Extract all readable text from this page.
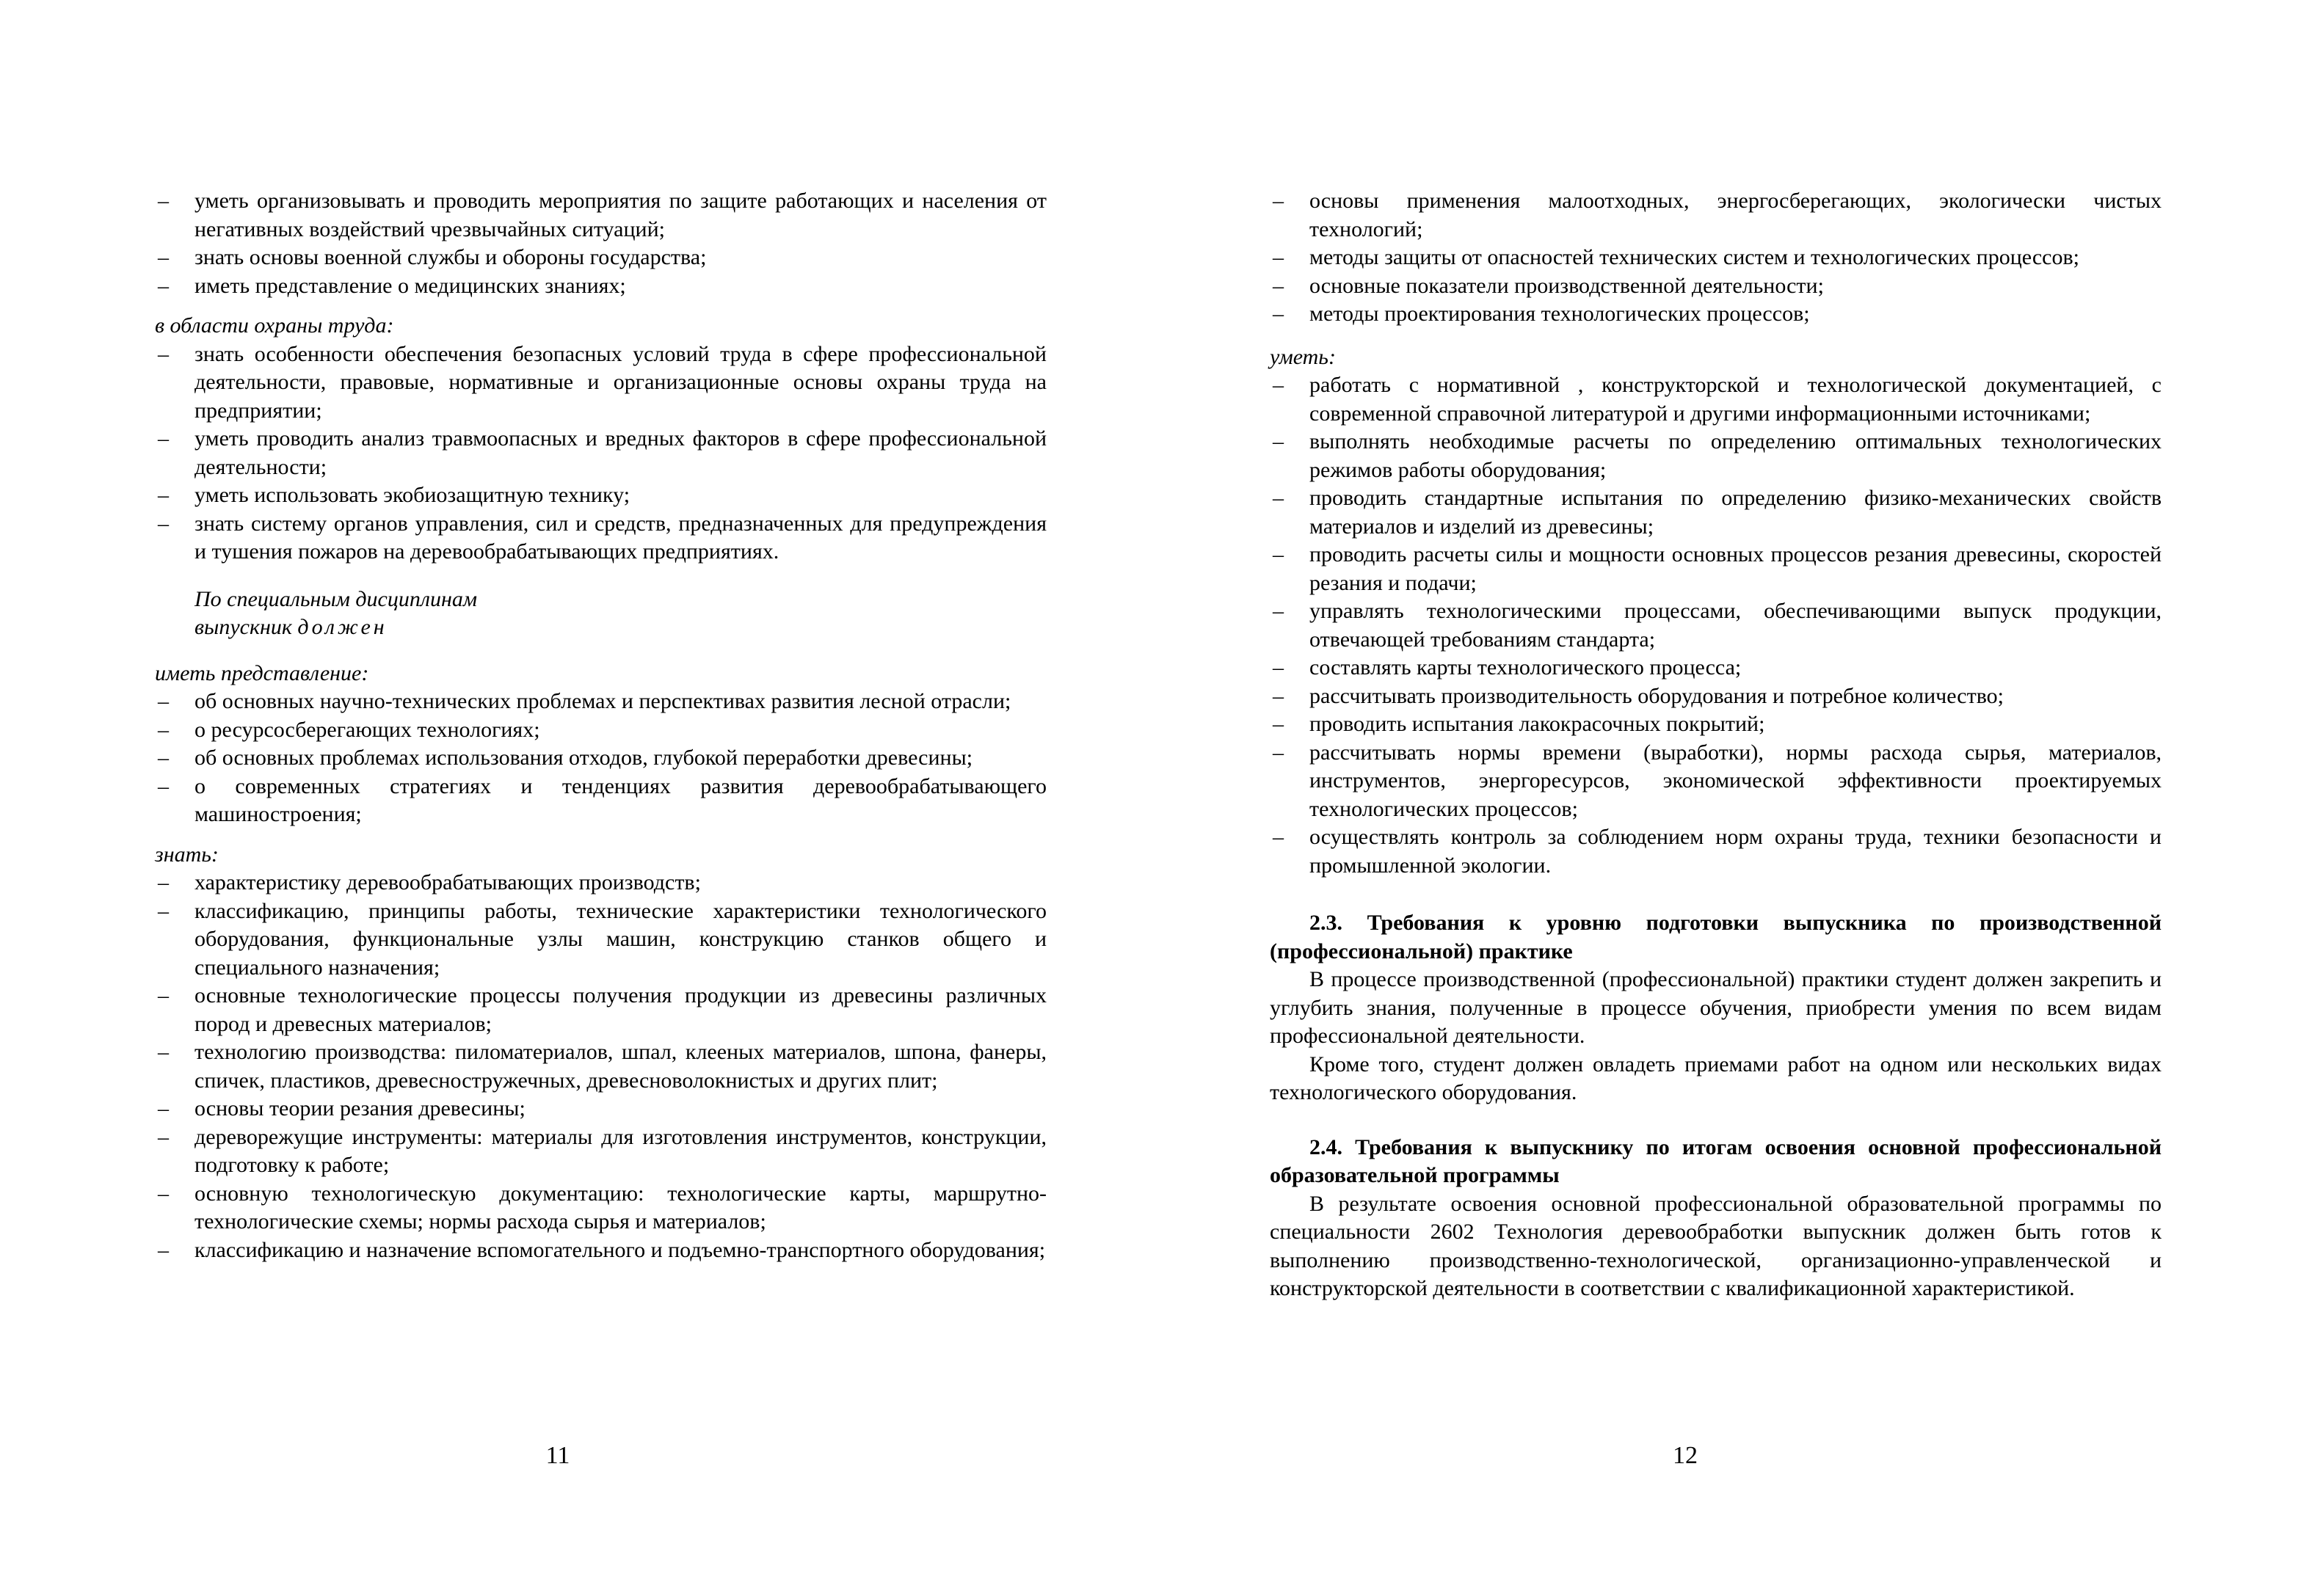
– уметь организовывать и проводить мероприятия по защите работающих и населения от негативных воздействий чрезвычайных ситуаций;
– знать основы военной службы и обороны государства;
– иметь представление о медицинских знаниях;
в области охраны труда:
– знать особенности обеспечения безопасных условий труда в сфере профессиональной деятельности, правовые, нормативные и организационные основы охраны труда на предприятии;
– уметь проводить анализ травмоопасных и вредных факторов в сфере профессиональной деятельности;
– уметь использовать экобиозащитную технику;
– знать систему органов управления, сил и средств, предназначенных для предупреждения и тушения пожаров на деревообрабатывающих предприятиях.
По специальным дисциплинам
выпускник должен
иметь представление:
– об основных научно-технических проблемах и перспективах развития лесной отрасли;
– о ресурсосберегающих технологиях;
– об основных проблемах использования отходов, глубокой переработки древесины;
– о современных стратегиях и тенденциях развития деревообрабатывающего машиностроения;
знать:
– характеристику деревообрабатывающих производств;
– классификацию, принципы работы, технические характеристики технологического оборудования, функциональные узлы машин, конструкцию станков общего и специального назначения;
– основные технологические процессы получения продукции из древесины различных пород и древесных материалов;
– технологию производства: пиломатериалов, шпал, клееных материалов, шпона, фанеры, спичек, пластиков, древесностружечных, древесноволокнистых и других плит;
– основы теории резания древесины;
– дереворежущие инструменты: материалы для изготовления инструментов, конструкции, подготовку к работе;
– основную технологическую документацию: технологические карты, маршрутно-технологические схемы; нормы расхода сырья и материалов;
– классификацию и назначение вспомогательного и подъемно-транспортного оборудования;
11
– основы применения малоотходных, энергосберегающих, экологически чистых технологий;
– методы защиты от опасностей технических систем и технологических процессов;
– основные показатели производственной деятельности;
– методы проектирования технологических процессов;
уметь:
– работать с нормативной , конструкторской и технологической документацией, с современной справочной литературой и другими информационными источниками;
– выполнять необходимые расчеты по определению оптимальных технологических режимов работы оборудования;
– проводить стандартные испытания по определению физико-механических свойств материалов и изделий из древесины;
– проводить расчеты силы и мощности основных процессов резания древесины, скоростей резания и подачи;
– управлять технологическими процессами, обеспечивающими выпуск продукции, отвечающей требованиям стандарта;
– составлять карты технологического процесса;
– рассчитывать производительность оборудования и потребное количество;
– проводить испытания лакокрасочных покрытий;
– рассчитывать нормы времени (выработки), нормы расхода сырья, материалов, инструментов, энергоресурсов, экономической эффективности проектируемых технологических процессов;
– осуществлять контроль за соблюдением норм охраны труда, техники безопасности и промышленной экологии.
2.3. Требования к уровню подготовки выпускника по производственной (профессиональной) практике
В процессе производственной (профессиональной) практики студент должен закрепить и углубить знания, полученные в процессе обучения, приобрести умения по всем видам профессиональной деятельности.
Кроме того, студент должен овладеть приемами работ на одном или нескольких видах технологического оборудования.
2.4. Требования к выпускнику по итогам освоения основной профессиональной образовательной программы
В результате освоения основной профессиональной образовательной программы по специальности 2602 Технология деревообработки выпускник должен быть готов к выполнению производственно-технологической, организационно-управленческой и конструкторской деятельности в соответствии с квалификационной характеристикой.
12
